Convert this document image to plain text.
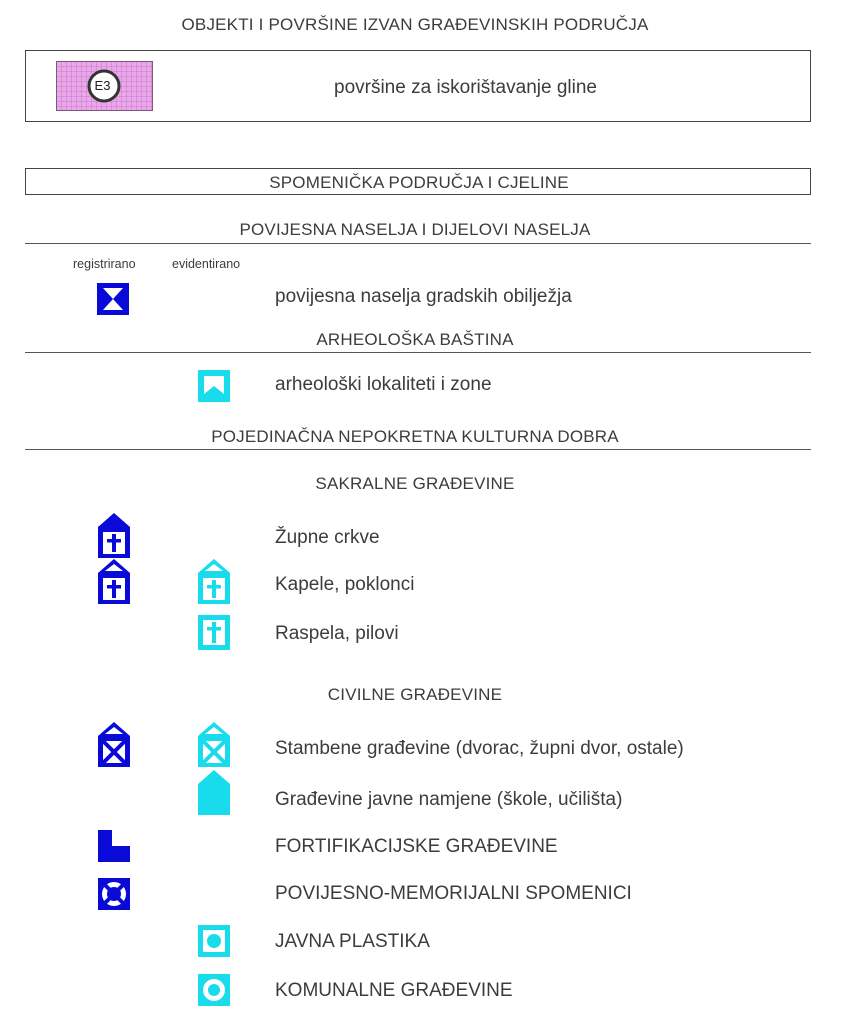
OBJEKTI I POVRŠINE IZVAN GRAĐEVINSKIH PODRUČJA
E3	površine za iskorištavanje gline
SPOMENIČKA PODRUČJA I CJELINE
POVIJESNA NASELJA I DIJELOVI NASELJA
registrirano	evidentirano
povijesna naselja gradskih obilježja
ARHEOLOŠKA BAŠTINA
arheološki lokaliteti i zone
POJEDINAČNA NEPOKRETNA KULTURNA DOBRA
SAKRALNE GRAĐEVINE
Župne crkve
Kapele, poklonci
Raspela, pilovi
CIVILNE GRAĐEVINE
Stambene građevine (dvorac, župni dvor, ostale)
Građevine javne namjene (škole, učilišta)
FORTIFIKACIJSKE GRAĐEVINE
POVIJESNO-MEMORIJALNI SPOMENICI
JAVNA PLASTIKA
KOMUNALNE GRAĐEVINE
